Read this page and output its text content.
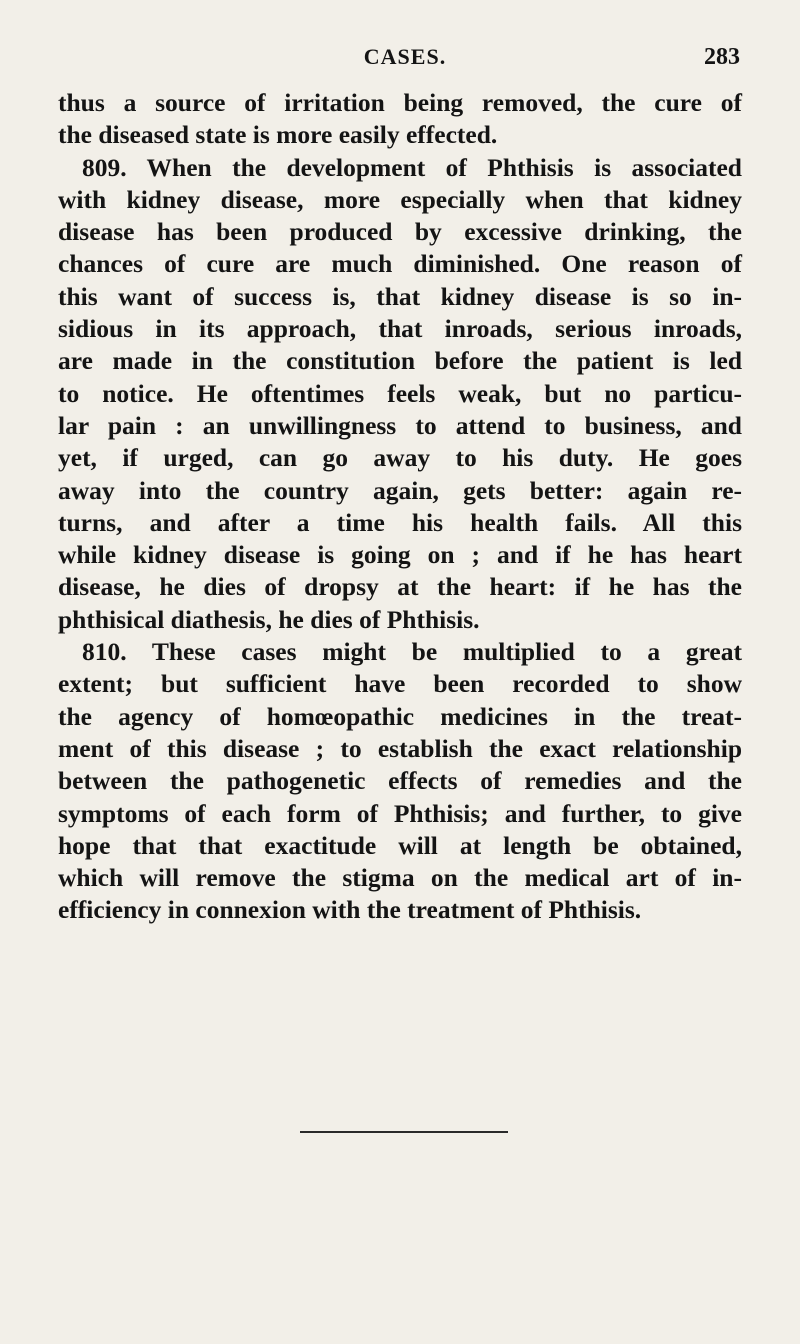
CASES.	283
thus a source of irritation being removed, the cure of
the diseased state is more easily effected.
809. When the development of Phthisis is associated
with kidney disease, more especially when that kidney
disease has been produced by excessive drinking, the
chances of cure are much diminished. One reason of
this want of success is, that kidney disease is so in-
sidious in its approach, that inroads, serious inroads,
are made in the constitution before the patient is led
to notice. He oftentimes feels weak, but no particu-
lar pain : an unwillingness to attend to business, and
yet, if urged, can go away to his duty. He goes
away into the country again, gets better: again re-
turns, and after a time his health fails. All this
while kidney disease is going on ; and if he has heart
disease, he dies of dropsy at the heart: if he has the
phthisical diathesis, he dies of Phthisis.
810. These cases might be multiplied to a great
extent; but sufficient have been recorded to show
the agency of homœopathic medicines in the treat-
ment of this disease ; to establish the exact relationship
between the pathogenetic effects of remedies and the
symptoms of each form of Phthisis; and further, to give
hope that that exactitude will at length be obtained,
which will remove the stigma on the medical art of in-
efficiency in connexion with the treatment of Phthisis.
